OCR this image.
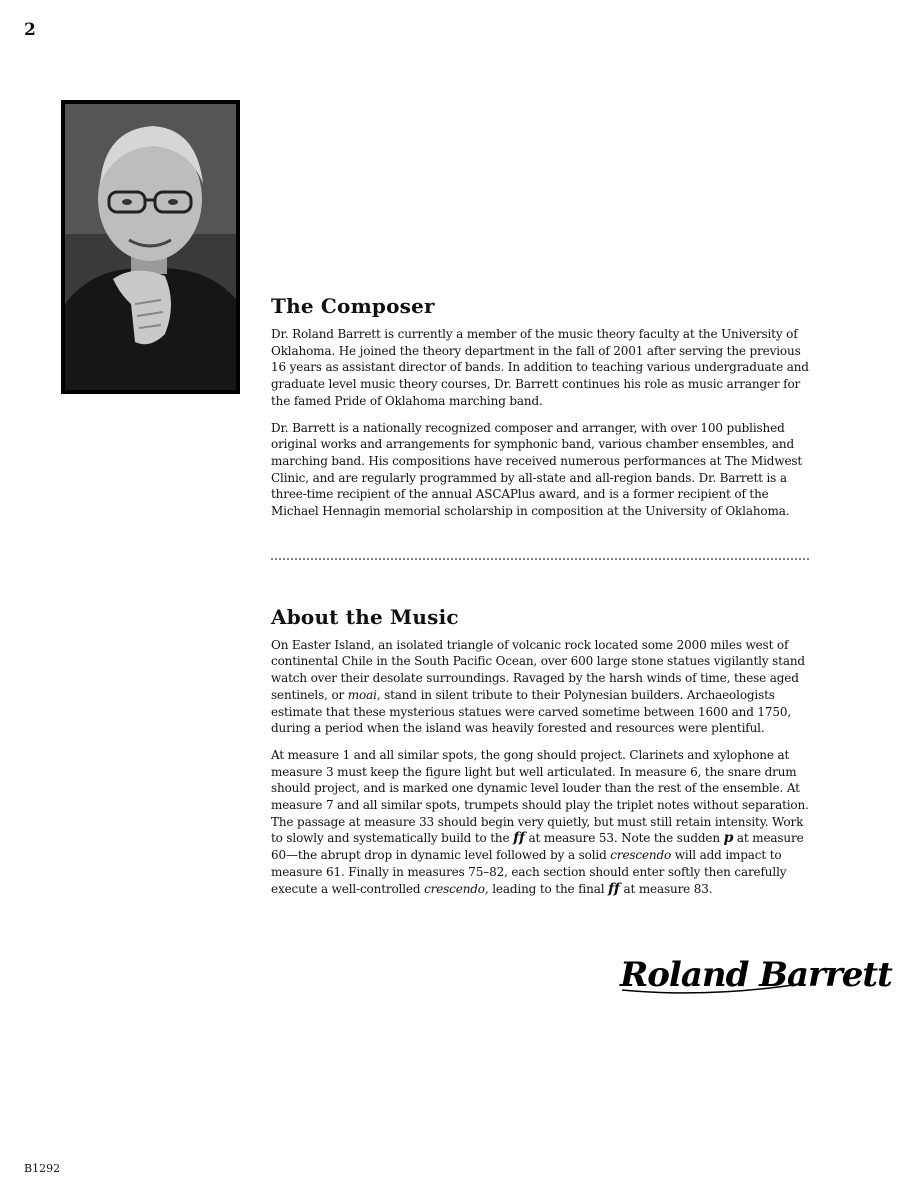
2
The Composer

Dr. Roland Barrett is currently a member of the music theory faculty at the University of Oklahoma. He joined the theory department in the fall of 2001 after serving the previous 16 years as assistant director of bands. In addition to teaching various undergraduate and graduate level music theory courses, Dr. Barrett continues his role as music arranger for the famed Pride of Oklahoma marching band.

Dr. Barrett is a nationally recognized composer and arranger, with over 100 published original works and arrangements for symphonic band, various chamber ensembles, and marching band. His compositions have received numerous performances at The Midwest Clinic, and are regularly programmed by all-state and all-region bands. Dr. Barrett is a three-time recipient of the annual ASCAPlus award, and is a former recipient of the Michael Hennagin memorial scholarship in composition at the University of Oklahoma.

About the Music

On Easter Island, an isolated triangle of volcanic rock located some 2000 miles west of continental Chile in the South Pacific Ocean, over 600 large stone statues vigilantly stand watch over their desolate surroundings. Ravaged by the harsh winds of time, these aged sentinels, or moai, stand in silent tribute to their Polynesian builders. Archaeologists estimate that these mysterious statues were carved sometime between 1600 and 1750, during a period when the island was heavily forested and resources were plentiful.

At measure 1 and all similar spots, the gong should project. Clarinets and xylophone at measure 3 must keep the figure light but well articulated. In measure 6, the snare drum should project, and is marked one dynamic level louder than the rest of the ensemble. At measure 7 and all similar spots, trumpets should play the triplet notes without separation. The passage at measure 33 should begin very quietly, but must still retain intensity. Work to slowly and systematically build to the ff at measure 53. Note the sudden p at measure 60—the abrupt drop in dynamic level followed by a solid crescendo will add impact to measure 61. Finally in measures 75–82, each section should enter softly then carefully execute a well-controlled crescendo, leading to the final ff at measure 83.

Roland Barrett
B1292
